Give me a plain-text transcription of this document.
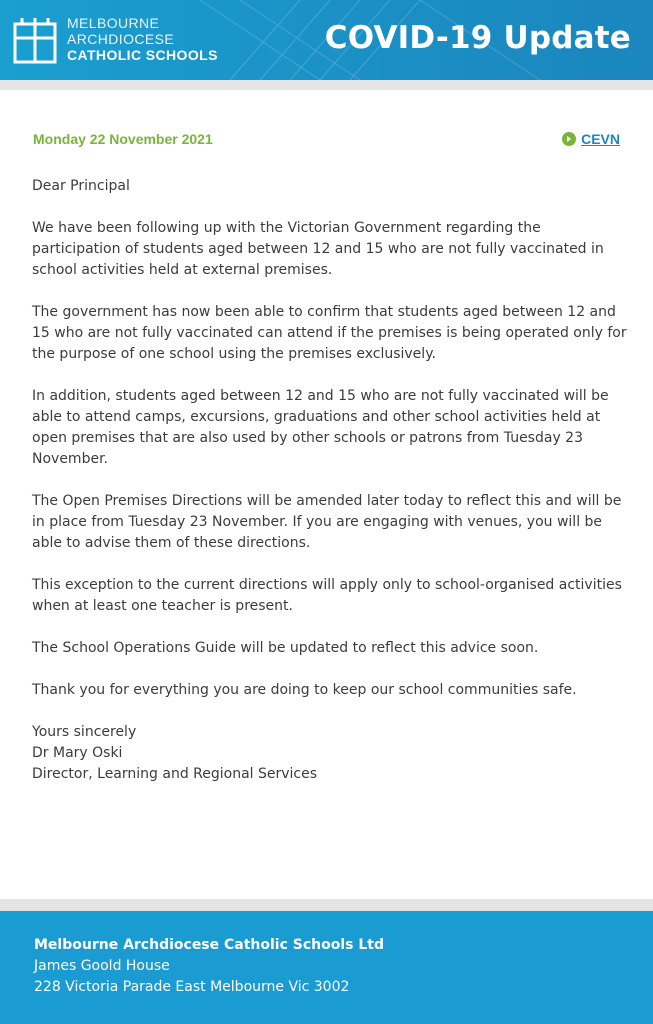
MELBOURNE
ARCHDIOCESE
CATHOLIC SCHOOLS	COVID-19 Update
Monday 22 November 2021	CEVN

Dear Principal

We have been following up with the Victorian Government regarding the participation of students aged between 12 and 15 who are not fully vaccinated in school activities held at external premises.

The government has now been able to confirm that students aged between 12 and 15 who are not fully vaccinated can attend if the premises is being operated only for the purpose of one school using the premises exclusively.

In addition, students aged between 12 and 15 who are not fully vaccinated will be able to attend camps, excursions, graduations and other school activities held at open premises that are also used by other schools or patrons from Tuesday 23 November.

The Open Premises Directions will be amended later today to reflect this and will be in place from Tuesday 23 November. If you are engaging with venues, you will be able to advise them of these directions.

This exception to the current directions will apply only to school-organised activities when at least one teacher is present.

The School Operations Guide will be updated to reflect this advice soon.

Thank you for everything you are doing to keep our school communities safe.

Yours sincerely

Dr Mary Oski

Director, Learning and Regional Services

Melbourne Archdiocese Catholic Schools Ltd
James Goold House
228 Victoria Parade East Melbourne Vic 3002
